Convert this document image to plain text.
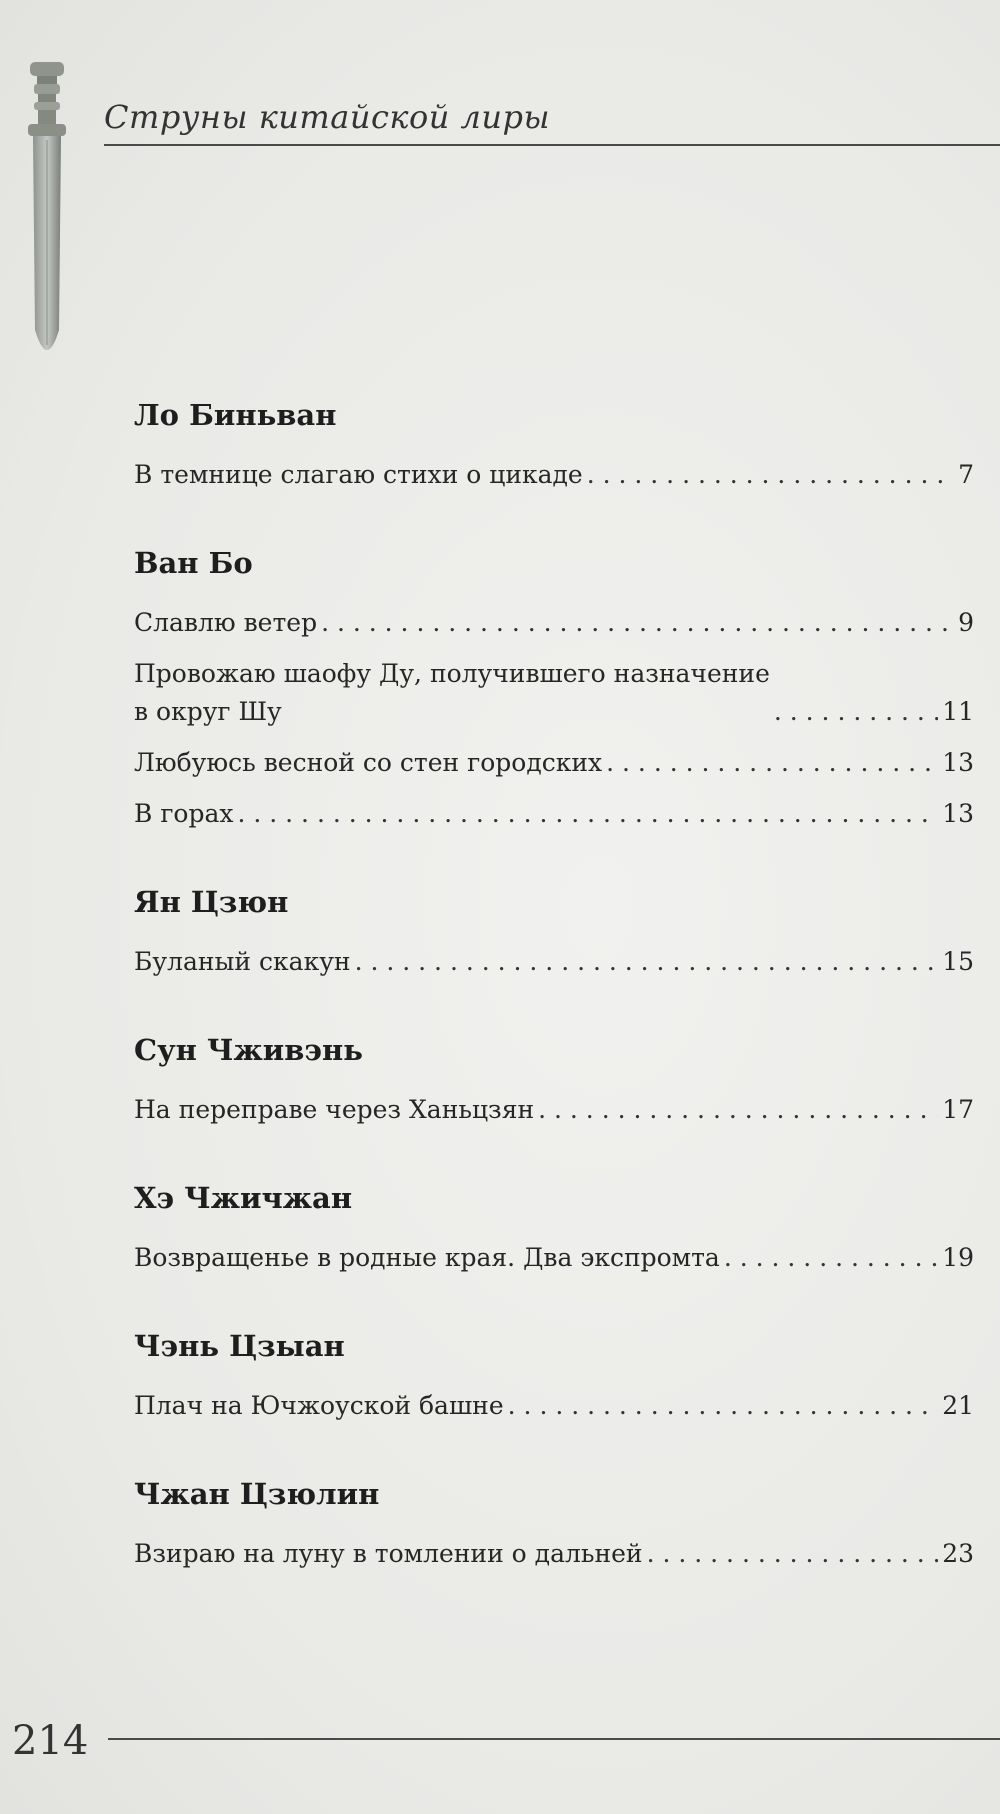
Струны китайской лиры
Ло Биньван
В темнице слагаю стихи о цикаде . . .	7
Ван Бо
Славлю ветер . . .	9
Провожаю шаофу Ду, получившего назначение
в округ Шу . . .	11
Любуюсь весной со стен городских . . .	13
В горах . . .	13
Ян Цзюн
Буланый скакун . . .	15
Сун Чживэнь
На переправе через Ханьцзян . . .	17
Хэ Чжичжан
Возвращенье в родные края. Два экспромта . . .	19
Чэнь Цзыан
Плач на Ючжоуской башне . . .	21
Чжан Цзюлин
Взираю на луну в томлении о дальней . . .	23
214
